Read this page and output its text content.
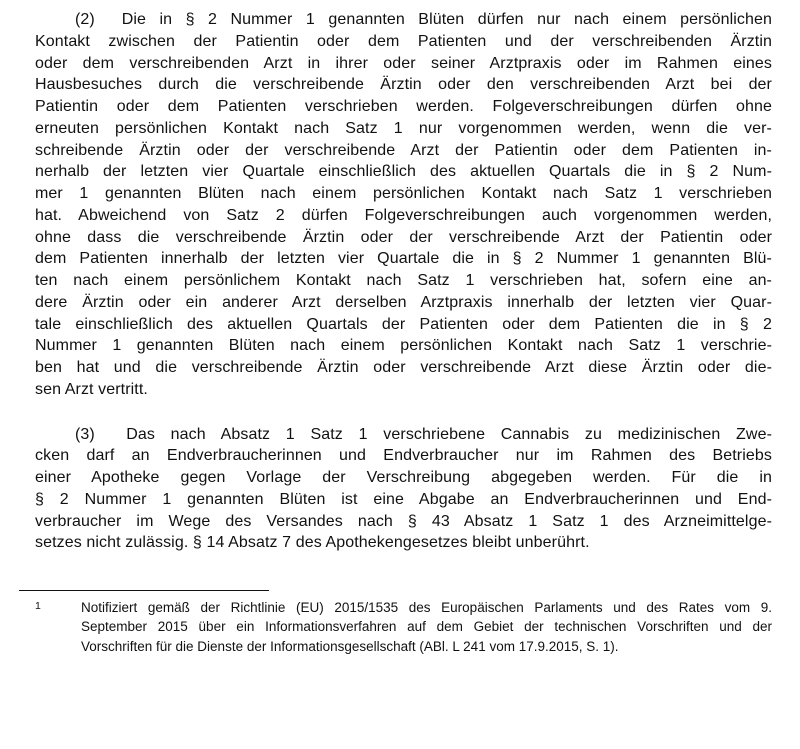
(2)  Die in § 2 Nummer 1 genannten Blüten dürfen nur nach einem persönlichen
Kontakt zwischen der Patientin oder dem Patienten und der verschreibenden Ärztin
oder dem verschreibenden Arzt in ihrer oder seiner Arztpraxis oder im Rahmen eines
Hausbesuches durch die verschreibende Ärztin oder den verschreibenden Arzt bei der
Patientin oder dem Patienten verschrieben werden. Folgeverschreibungen dürfen ohne
erneuten persönlichen Kontakt nach Satz 1 nur vorgenommen werden, wenn die ver-
schreibende Ärztin oder der verschreibende Arzt der Patientin oder dem Patienten in-
nerhalb der letzten vier Quartale einschließlich des aktuellen Quartals die in § 2 Num-
mer 1 genannten Blüten nach einem persönlichen Kontakt nach Satz 1 verschrieben
hat. Abweichend von Satz 2 dürfen Folgeverschreibungen auch vorgenommen werden,
ohne dass die verschreibende Ärztin oder der verschreibende Arzt der Patientin oder
dem Patienten innerhalb der letzten vier Quartale die in § 2 Nummer 1 genannten Blü-
ten nach einem persönlichem Kontakt nach Satz 1 verschrieben hat, sofern eine an-
dere Ärztin oder ein anderer Arzt derselben Arztpraxis innerhalb der letzten vier Quar-
tale einschließlich des aktuellen Quartals der Patienten oder dem Patienten die in § 2
Nummer 1 genannten Blüten nach einem persönlichen Kontakt nach Satz 1 verschrie-
ben hat und die verschreibende Ärztin oder verschreibende Arzt diese Ärztin oder die-
sen Arzt vertritt.
(3)  Das nach Absatz 1 Satz 1 verschriebene Cannabis zu medizinischen Zwe-
cken darf an Endverbraucherinnen und Endverbraucher nur im Rahmen des Betriebs
einer Apotheke gegen Vorlage der Verschreibung abgegeben werden. Für die in
§ 2 Nummer 1 genannten Blüten ist eine Abgabe an Endverbraucherinnen und End-
verbraucher im Wege des Versandes nach § 43 Absatz 1 Satz 1 des Arzneimittelge-
setzes nicht zulässig. § 14 Absatz 7 des Apothekengesetzes bleibt unberührt.
1	Notifiziert gemäß der Richtlinie (EU) 2015/1535 des Europäischen Parlaments und des Rates vom 9.
September 2015 über ein Informationsverfahren auf dem Gebiet der technischen Vorschriften und der
Vorschriften für die Dienste der Informationsgesellschaft (ABl. L 241 vom 17.9.2015, S. 1).
